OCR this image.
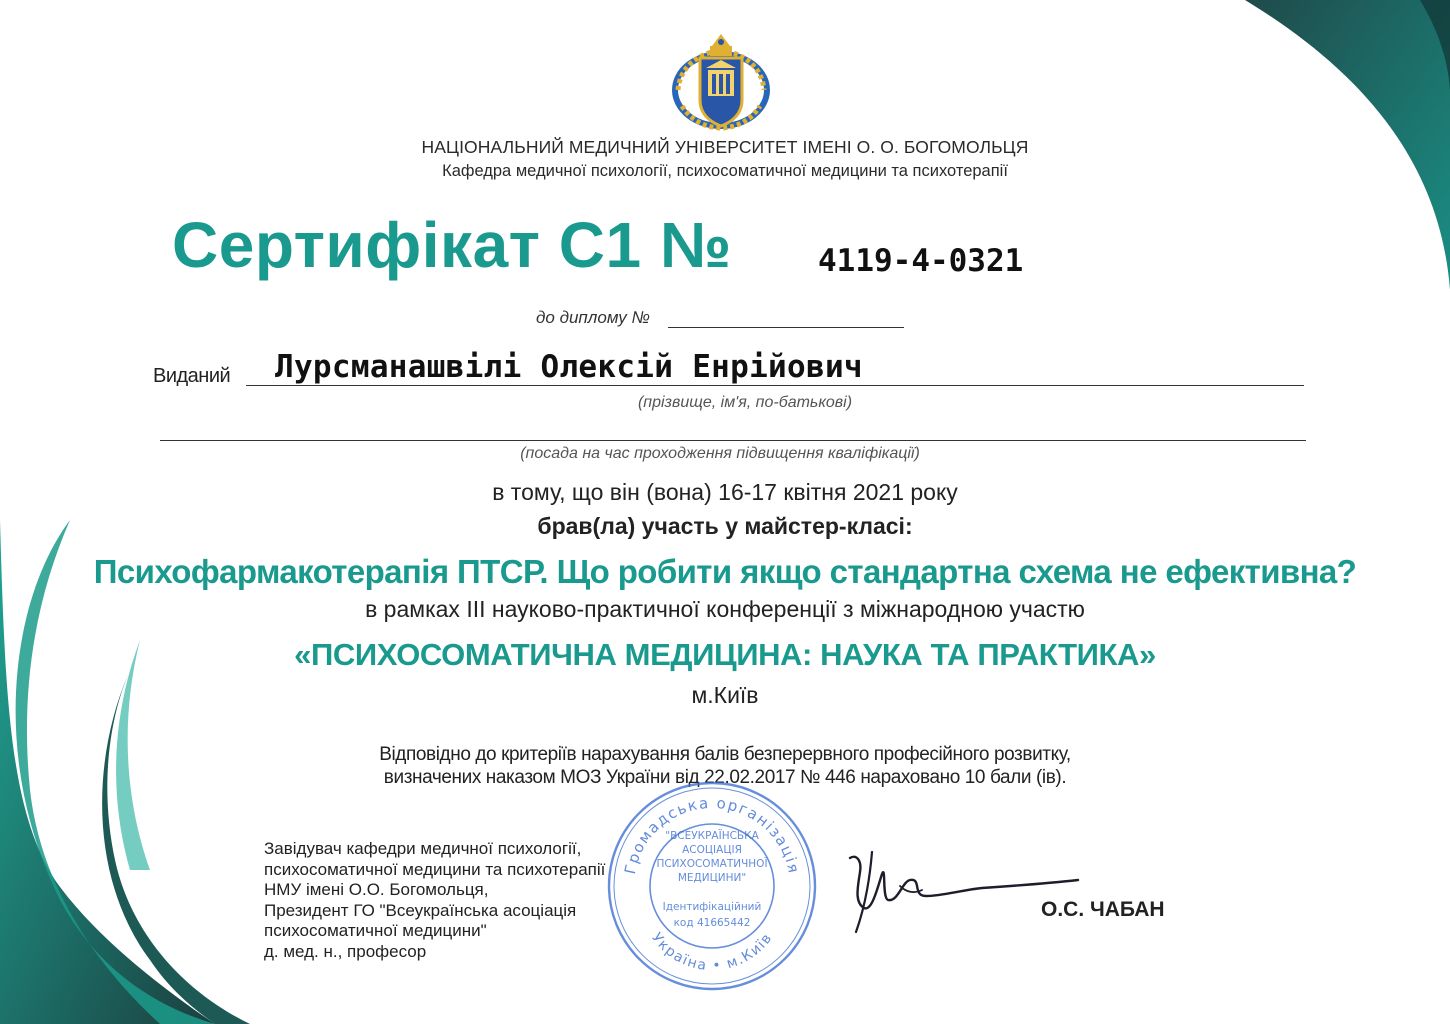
НАЦІОНАЛЬНИЙ МЕДИЧНИЙ УНІВЕРСИТЕТ ІМЕНІ О. О. БОГОМОЛЬЦЯ
Кафедра медичної психології, психосоматичної медицини та психотерапії
Сертифікат С1 №	4119-4-0321
до диплому №
Виданий Лурсманашвілі Олексій Енрійович
(прізвище, ім'я, по-батькові)
(посада на час проходження підвищення кваліфікації)
в тому, що він (вона) 16-17 квітня 2021 року
брав(ла) участь у майстер-класі:
Психофармакотерапія ПТСР. Що робити якщо стандартна схема не ефективна?
в рамках ІІІ науково-практичної конференції з міжнародною участю
«ПСИХОСОМАТИЧНА МЕДИЦИНА: НАУКА ТА ПРАКТИКА»
м.Київ
Відповідно до критеріїв нарахування балів безперервного професійного розвитку,
визначених наказом МОЗ України від 22.02.2017 № 446 нараховано 10 бали (ів).
Завідувач кафедри медичної психології,
психосоматичної медицини та психотерапії
НМУ імені О.О. Богомольця,
Президент ГО "Всеукраїнська асоціація
психосоматичної медицини"
д. мед. н., професор
Громадська організація
Україна • м.Київ
"ВСЕУКРАЇНСЬКА
АСОЦІАЦІЯ
ПСИХОСОМАТИЧНОЇ
МЕДИЦИНИ"
Ідентифікаційний
код 41665442
О.С. ЧАБАН
